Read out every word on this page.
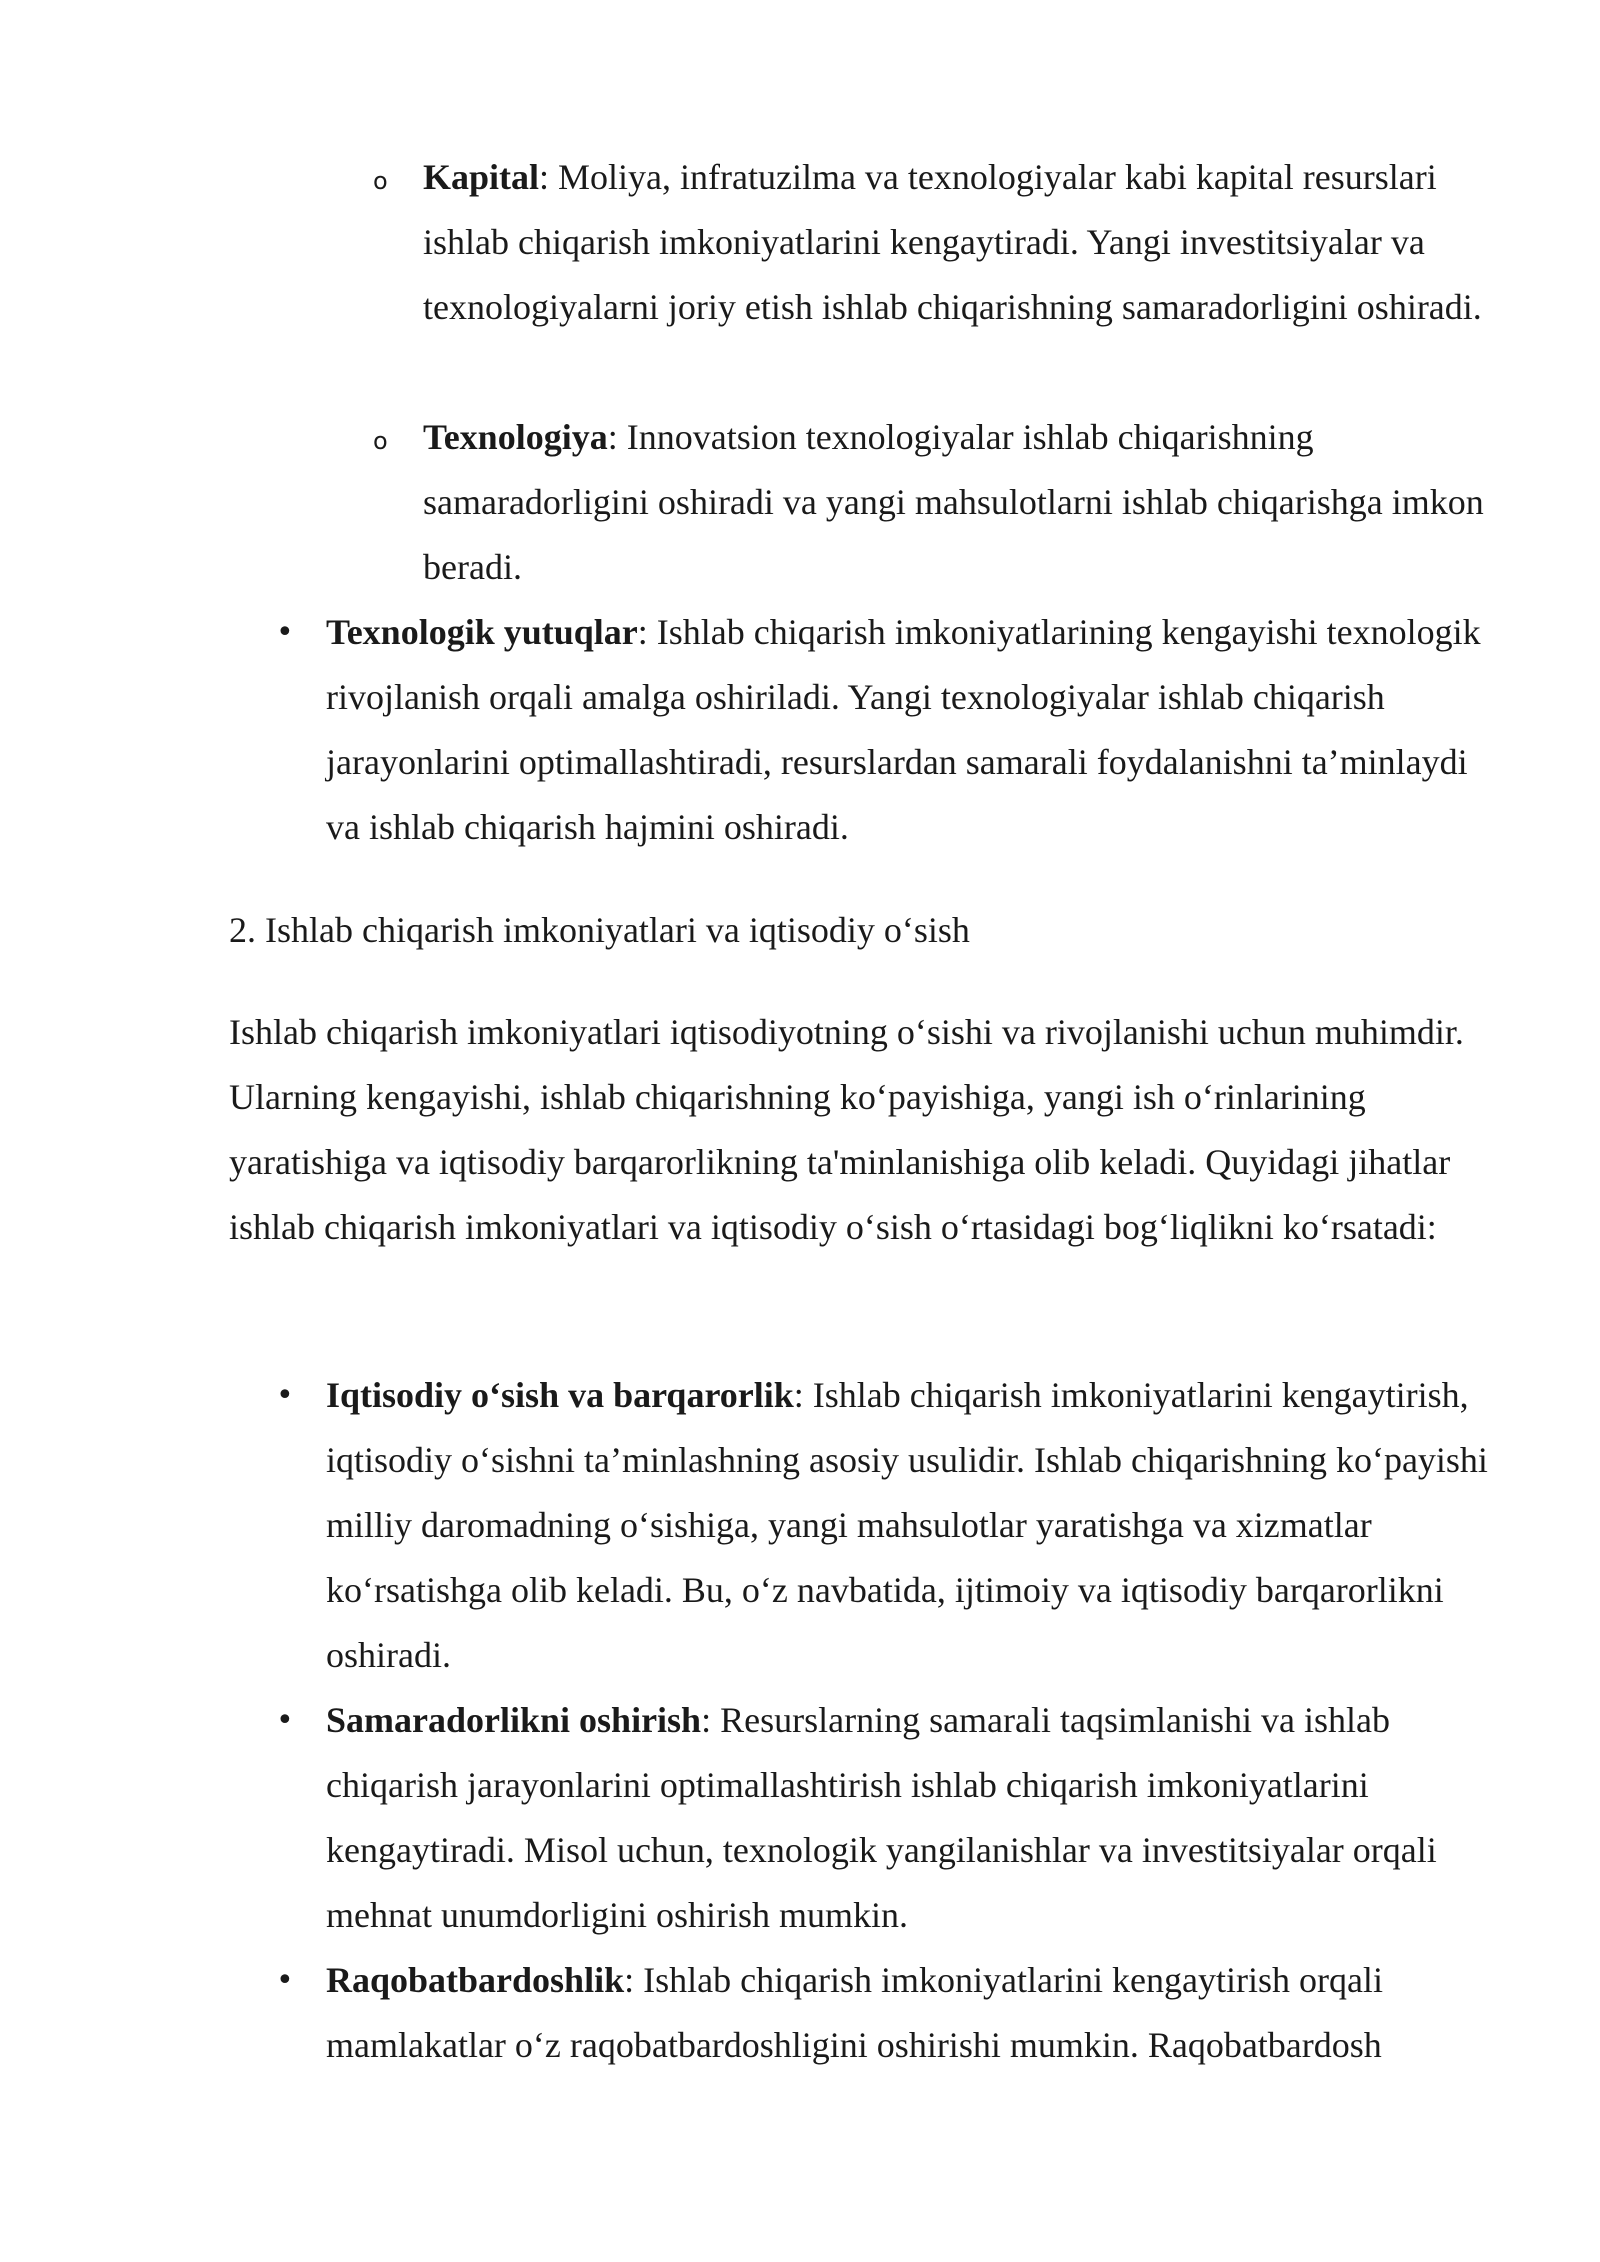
o Kapital: Moliya, infratuzilma va texnologiyalar kabi kapital resurslari ishlab chiqarish imkoniyatlarini kengaytiradi. Yangi investitsiyalar va texnologiyalarni joriy etish ishlab chiqarishning samaradorligini oshiradi.

o Texnologiya: Innovatsion texnologiyalar ishlab chiqarishning samaradorligini oshiradi va yangi mahsulotlarni ishlab chiqarishga imkon beradi.

• Texnologik yutuqlar: Ishlab chiqarish imkoniyatlarining kengayishi texnologik rivojlanish orqali amalga oshiriladi. Yangi texnologiyalar ishlab chiqarish jarayonlarini optimallashtiradi, resurslardan samarali foydalanishni ta’minlaydi va ishlab chiqarish hajmini oshiradi.

2. Ishlab chiqarish imkoniyatlari va iqtisodiy o‘sish

Ishlab chiqarish imkoniyatlari iqtisodiyotning o‘sishi va rivojlanishi uchun muhimdir. Ularning kengayishi, ishlab chiqarishning ko‘payishiga, yangi ish o‘rinlarining yaratishiga va iqtisodiy barqarorlikning ta'minlanishiga olib keladi. Quyidagi jihatlar ishlab chiqarish imkoniyatlari va iqtisodiy o‘sish o‘rtasidagi bog‘liqlikni ko‘rsatadi:

• Iqtisodiy o‘sish va barqarorlik: Ishlab chiqarish imkoniyatlarini kengaytirish, iqtisodiy o‘sishni ta’minlashning asosiy usulidir. Ishlab chiqarishning ko‘payishi milliy daromadning o‘sishiga, yangi mahsulotlar yaratishga va xizmatlar ko‘rsatishga olib keladi. Bu, o‘z navbatida, ijtimoiy va iqtisodiy barqarorlikni oshiradi.

• Samaradorlikni oshirish: Resurslarning samarali taqsimlanishi va ishlab chiqarish jarayonlarini optimallashtirish ishlab chiqarish imkoniyatlarini kengaytiradi. Misol uchun, texnologik yangilanishlar va investitsiyalar orqali mehnat unumdorligini oshirish mumkin.

• Raqobatbardoshlik: Ishlab chiqarish imkoniyatlarini kengaytirish orqali mamlakatlar o‘z raqobatbardoshligini oshirishi mumkin. Raqobatbardosh
